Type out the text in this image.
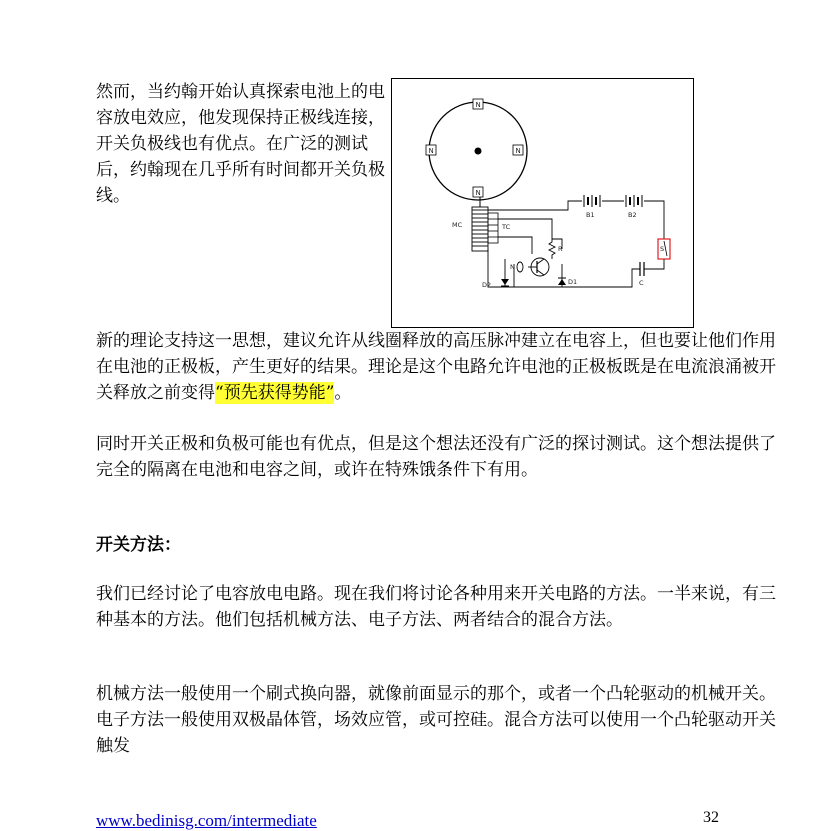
然而，当约翰开始认真探索电池上的电容放电效应，他发现保持正极线连接，开关负极线也有优点。在广泛的测试后，约翰现在几乎所有时间都开关负极线。

N
N	N
N
MC	TC
B1	B2
R
N
D1
D2	C
S

新的理论支持这一思想，建议允许从线圈释放的高压脉冲建立在电容上，但也要让他们作用在电池的正极板，产生更好的结果。理论是这个电路允许电池的正极板既是在电流浪涌被开关释放之前变得“预先获得势能”。

同时开关正极和负极可能也有优点，但是这个想法还没有广泛的探讨测试。这个想法提供了完全的隔离在电池和电容之间，或许在特殊饿条件下有用。

开关方法：

我们已经讨论了电容放电电路。现在我们将讨论各种用来开关电路的方法。一半来说，有三种基本的方法。他们包括机械方法、电子方法、两者结合的混合方法。

机械方法一般使用一个刷式换向器，就像前面显示的那个，或者一个凸轮驱动的机械开关。电子方法一般使用双极晶体管，场效应管，或可控硅。混合方法可以使用一个凸轮驱动开关触发

www.bedinisg.com/intermediate	32
